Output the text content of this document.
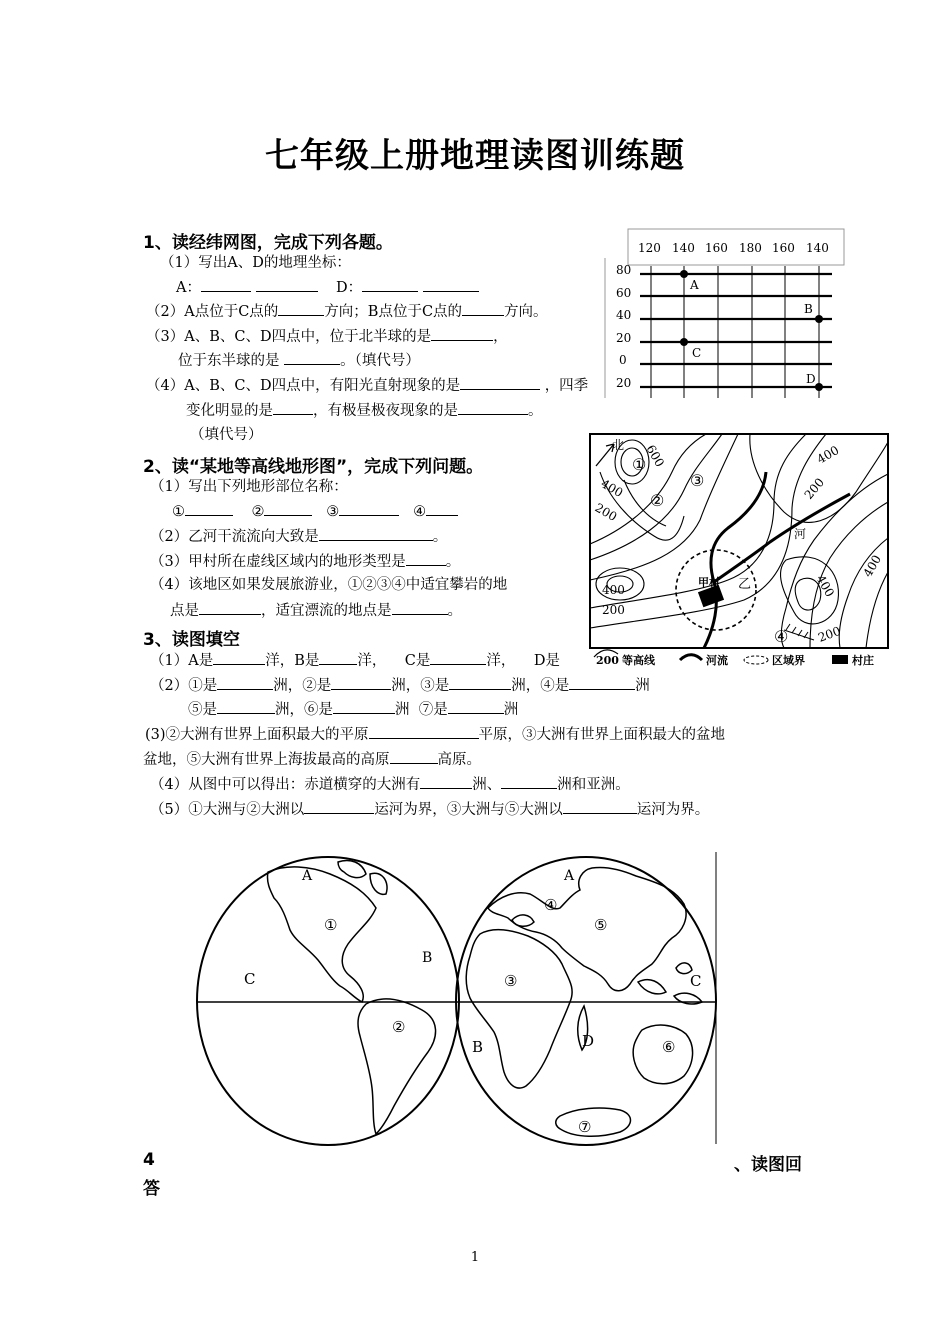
七年级上册地理读图训练题
1、读经纬网图，完成下列各题。
（1）写出A、D的地理坐标：
A：	D：
（2）A点位于C点的	方向；B点位于C点的	方向。
（3）A、B、C、D四点中，位于北半球的是	，
位于东半球的是	。（填代号）
（4）A、B、C、D四点中，有阳光直射现象的是	，四季
变化明显的是	，有极昼极夜现象的是	。
（填代号）
120 140 160 180 160 140
80
60
40
20
0
20
A
B
C
D
2、读“某地等高线地形图”，完成下列问题。
（1）写出下列地形部位名称：
①	②	③	④
（2）乙河干流流向大致是	。
（3）甲村所在虚线区域内的地形类型是	。
（4）该地区如果发展旅游业，①②③④中适宜攀岩的地
点是	，适宜漂流的地点是	。
北 600
400
200
400
200
400
200
400
200
400
河
甲村 乙
①
②
③
④
200 等高线	河流	区域界	村庄
3、读图填空
（1）A是	洋，B是	洋， C是	洋， D是
（2）①是	洲，②是	洲，③是	洲，④是	洲
⑤是	洲，⑥是	洲 ⑦是	洲
(3)②大洲有世界上面积最大的平原	平原，③大洲有世界上面积最大的盆地
盆地，⑤大洲有世界上海拔最高的高原	高原。
（4）从图中可以得出：赤道横穿的大洲有	洲、	洲和亚洲。
（5）①大洲与②大洲以	运河为界，③大洲与⑤大洲以	运河为界。
A
①
B
C
②
A
④
⑤
③	C
B	D	⑥
⑦
4	、读图回
答
1
